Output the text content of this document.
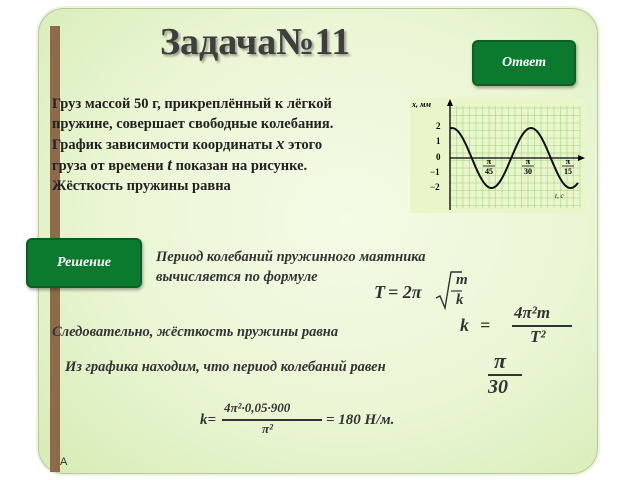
A
Задача№11	Ответ
Груз массой 50 г, прикреплённый к лёгкой
пружине, совершает свободные колебания.
График зависимости координаты x этого
груза от времени t показан на рисунке.
Жёсткость пружины равна
x, мм
2
1
0
−1
−2
π
45
π
30
π
15
t, с
Решение	Период колебаний пружинного маятника вычисляется по формуле
T = 2π
m
k
Следовательно, жёсткость пружины равна	k =
4π²m
T²
Из графика находим, что период колебаний равен	π
30
k=
4π²·0,05·900
π²
= 180 Н/м.
